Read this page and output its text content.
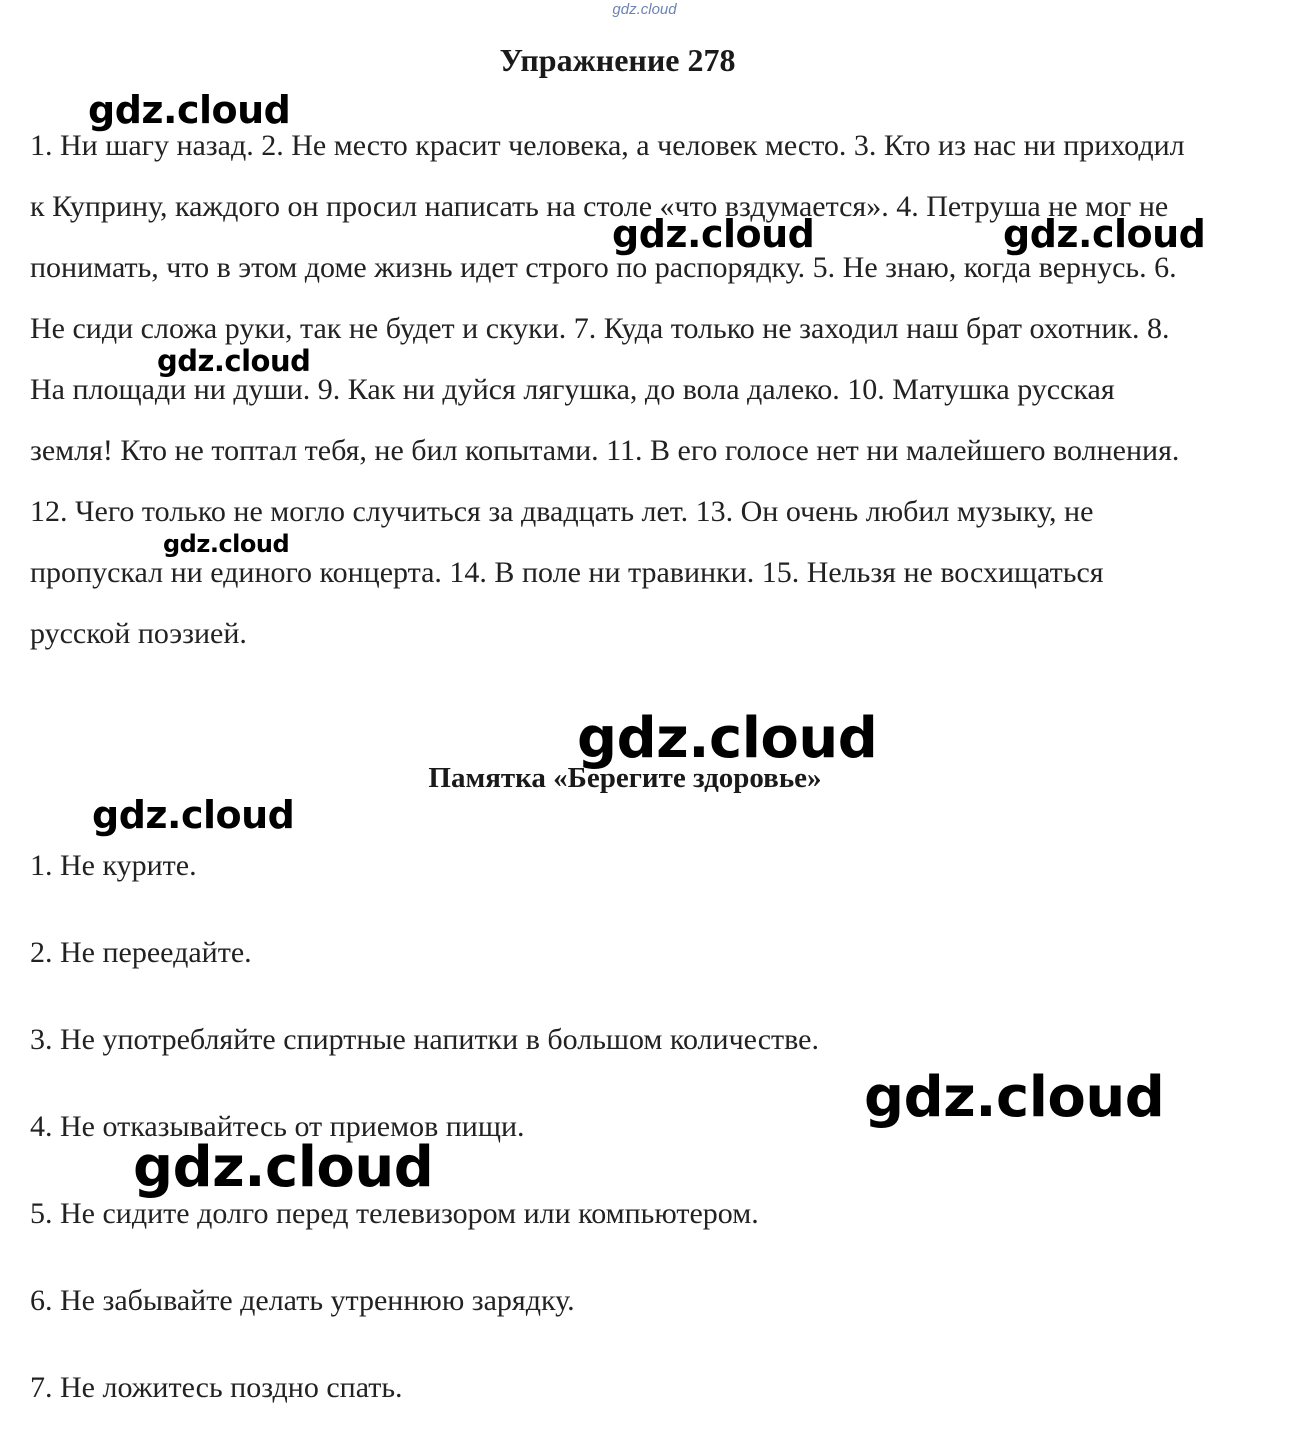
gdz.cloud
Упражнение 278

1. Ни шагу назад. 2. Не место красит человека, а человек место. 3. Кто из нас ни приходил к Куприну, каждого он просил написать на столе «что вздумается». 4. Петруша не мог не понимать, что в этом доме жизнь идет строго по распорядку. 5. Не знаю, когда вернусь. 6. Не сиди сложа руки, так не будет и скуки. 7. Куда только не заходил наш брат охотник. 8. На площади ни души. 9. Как ни дуйся лягушка, до вола далеко. 10. Матушка русская земля! Кто не топтал тебя, не бил копытами. 11. В его голосе нет ни малейшего волнения. 12. Чего только не могло случиться за двадцать лет. 13. Он очень любил музыку, не пропускал ни единого концерта. 14. В поле ни травинки. 15. Нельзя не восхищаться русской поэзией.

Памятка «Берегите здоровье»
1. Не курите.
2. Не переедайте.
3. Не употребляйте спиртные напитки в большом количестве.
4. Не отказывайтесь от приемов пищи.
5. Не сидите долго перед телевизором или компьютером.
6. Не забывайте делать утреннюю зарядку.
7. Не ложитесь поздно спать.
gdz.cloud
gdz.cloud	gdz.cloud
gdz.cloud
gdz.cloud
gdz.cloud
gdz.cloud
gdz.cloud
gdz.cloud
